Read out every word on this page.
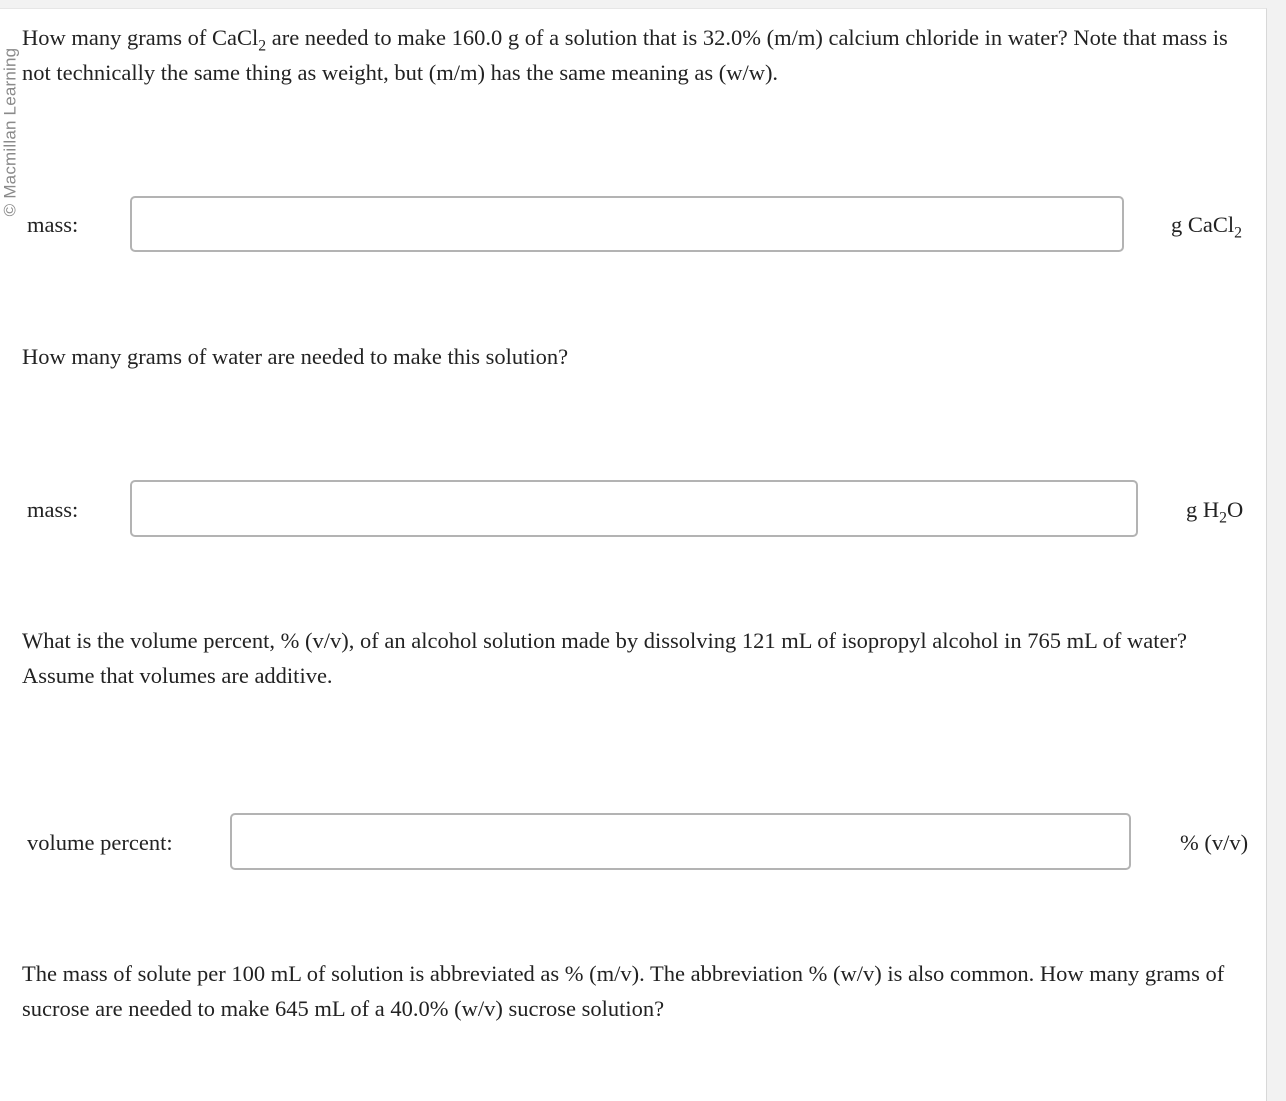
© Macmillan Learning
How many grams of CaCl$_2$ are needed to make 160.0 g of a solution that is 32.0% (m/m) calcium chloride in water? Note that mass is not technically the same thing as weight, but (m/m) has the same meaning as (w/w).
mass:	g CaCl$_2$
How many grams of water are needed to make this solution?
mass:	g $H_2O$
What is the volume percent, % (v/v), of an alcohol solution made by dissolving 121 mL of isopropyl alcohol in 765 mL of water? Assume that volumes are additive.
volume percent:	% (v/v)
The mass of solute per 100 mL of solution is abbreviated as % (m/v). The abbreviation % (w/v) is also common. How many grams of sucrose are needed to make 645 mL of a 40.0% (w/v) sucrose solution?
